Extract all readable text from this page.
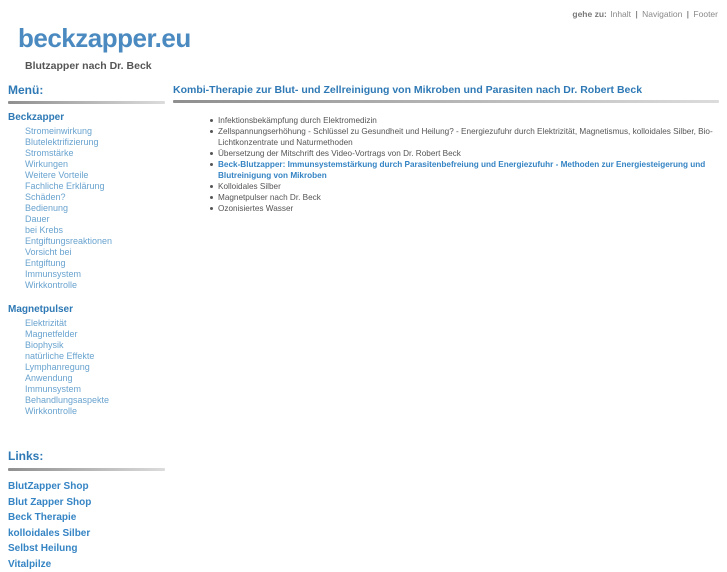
gehe zu: Inhalt | Navigation | Footer
beckzapper.eu
Blutzapper nach Dr. Beck
Menü:
Beckzapper
Stromeinwirkung
Blutelektrifizierung
Stromstärke
Wirkungen
Weitere Vorteile
Fachliche Erklärung
Schäden?
Bedienung
Dauer
bei Krebs
Entgiftungsreaktionen
Vorsicht bei
Entgiftung
Immunsystem
Wirkkontrolle
Magnetpulser
Elektrizität
Magnetfelder
Biophysik
natürliche Effekte
Lymphanregung
Anwendung
Immunsystem
Behandlungsaspekte
Wirkkontrolle
Links:
BlutZapper Shop
Blut Zapper Shop
Beck Therapie
kolloidales Silber
Selbst Heilung
Vitalpilze
Kombi-Therapie zur Blut- und Zellreinigung von Mikroben und Parasiten nach Dr. Robert Beck
Infektionsbekämpfung durch Elektromedizin
Zellspannungserhöhung - Schlüssel zu Gesundheit und Heilung? - Energiezufuhr durch Elektrizität, Magnetismus, kolloidales Silber, Bio-Lichtkonzentrate und Naturmethoden
Übersetzung der Mitschrift des Video-Vortrags von Dr. Robert Beck
Beck-Blutzapper: Immunsystemstärkung durch Parasitenbefreiung und Energiezufuhr - Methoden zur Energiesteigerung und Blutreinigung von Mikroben
Kolloidales Silber
Magnetpulser nach Dr. Beck
Ozonisiertes Wasser
